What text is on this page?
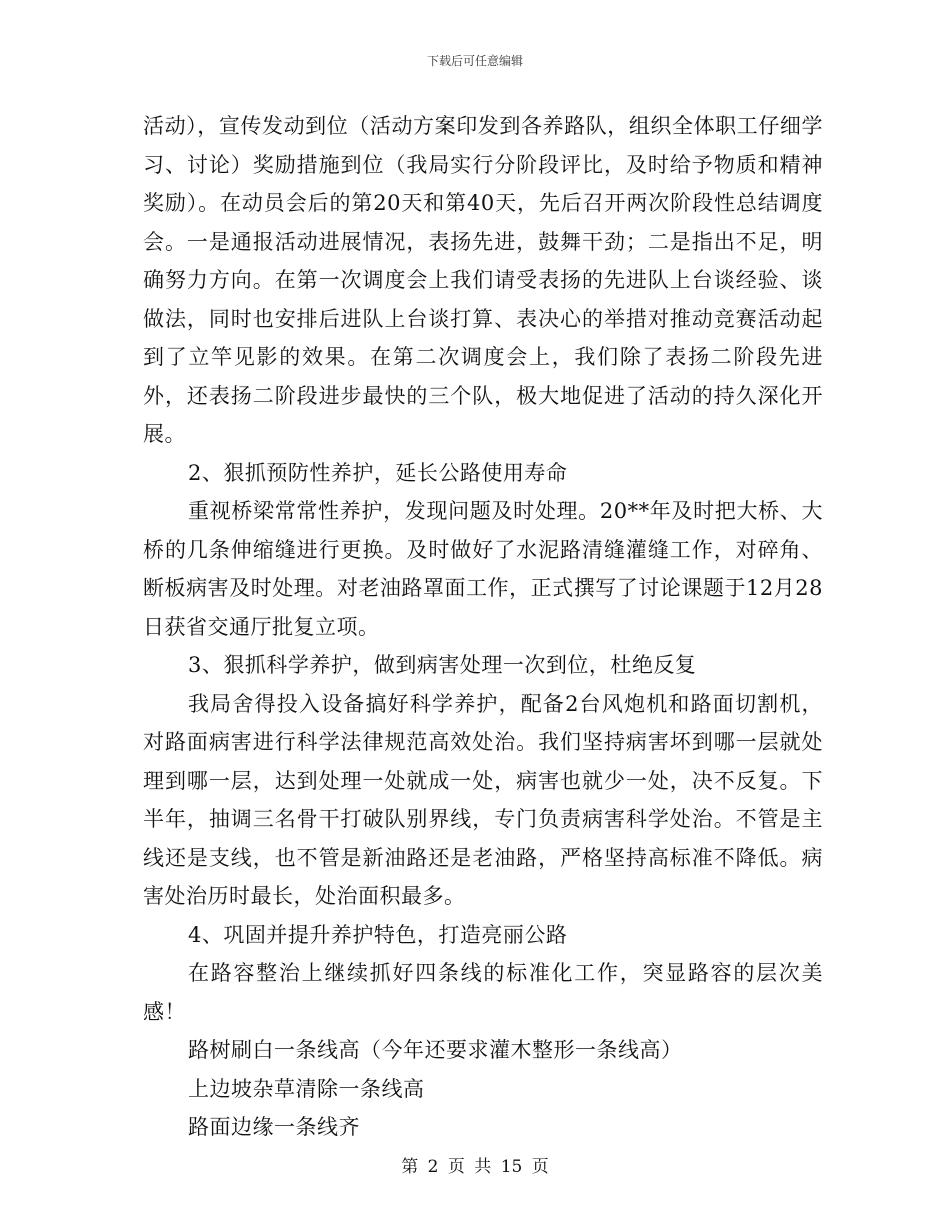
下载后可任意编辑

活动），宣传发动到位（活动方案印发到各养路队，组织全体职工仔细学习、讨论）奖励措施到位（我局实行分阶段评比，及时给予物质和精神奖励）。在动员会后的第20天和第40天，先后召开两次阶段性总结调度会。一是通报活动进展情况，表扬先进，鼓舞干劲；二是指出不足，明确努力方向。在第一次调度会上我们请受表扬的先进队上台谈经验、谈做法，同时也安排后进队上台谈打算、表决心的举措对推动竞赛活动起到了立竿见影的效果。在第二次调度会上，我们除了表扬二阶段先进外，还表扬二阶段进步最快的三个队，极大地促进了活动的持久深化开展。

2、狠抓预防性养护，延长公路使用寿命

重视桥梁常常性养护，发现问题及时处理。20**年及时把大桥、大桥的几条伸缩缝进行更换。及时做好了水泥路清缝灌缝工作，对碎角、断板病害及时处理。对老油路罩面工作，正式撰写了讨论课题于12月28日获省交通厅批复立项。

3、狠抓科学养护，做到病害处理一次到位，杜绝反复

我局舍得投入设备搞好科学养护，配备2台风炮机和路面切割机，对路面病害进行科学法律规范高效处治。我们坚持病害坏到哪一层就处理到哪一层，达到处理一处就成一处，病害也就少一处，决不反复。下半年，抽调三名骨干打破队别界线，专门负责病害科学处治。不管是主线还是支线，也不管是新油路还是老油路，严格坚持高标准不降低。病害处治历时最长，处治面积最多。

4、巩固并提升养护特色，打造亮丽公路

在路容整治上继续抓好四条线的标准化工作，突显路容的层次美感！

路树刷白一条线高（今年还要求灌木整形一条线高）

上边坡杂草清除一条线高

路面边缘一条线齐

第 2 页 共 15 页
